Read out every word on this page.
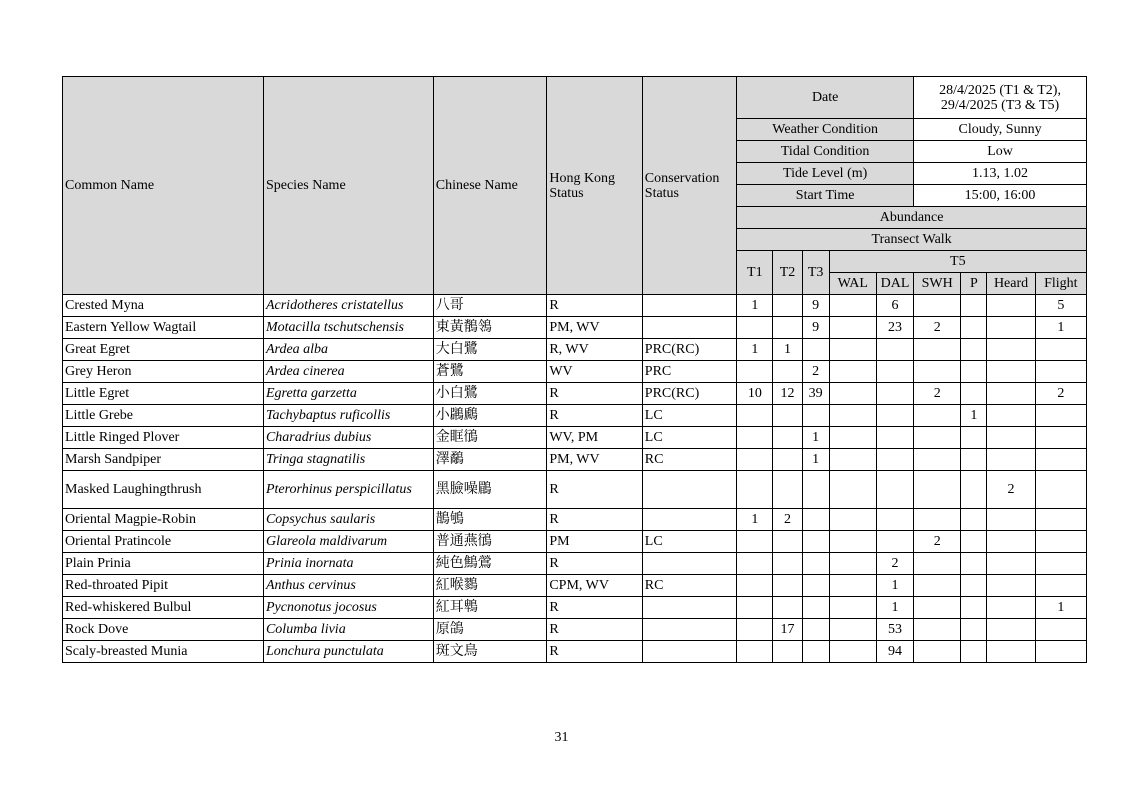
Common Name	Species Name	Chinese Name	Hong Kong Status	Conservation Status	Date					28/4/2025 (T1 & T2), 29/4/2025 (T3 & T5)			
					Weather Condition					Cloudy, Sunny			
					Tidal Condition					Low			
					Tide Level (m)					1.13, 1.02			
					Start Time					15:00, 16:00			
					Abundance								
					Transect Walk								
					T1	T2	T3	T5					
								WAL	DAL	SWH	P	Heard	Flight

Crested Myna	Acridotheres cristatellus	八哥	R		1		9		6				5
Eastern Yellow Wagtail	Motacilla tschutschensis	東黃鶺鴒	PM, WV				9		23	2			1
Great Egret	Ardea alba	大白鷺	R, WV	PRC(RC)	1	1							
Grey Heron	Ardea cinerea	蒼鷺	WV	PRC			2						
Little Egret	Egretta garzetta	小白鷺	R	PRC(RC)	10	12	39			2			2
Little Grebe	Tachybaptus ruficollis	小鸊鷉	R	LC							1		
Little Ringed Plover	Charadrius dubius	金眶鴴	WV, PM	LC			1						
Marsh Sandpiper	Tringa stagnatilis	澤鷸	PM, WV	RC			1						
Masked Laughingthrush	Pterorhinus perspicillatus	黑臉噪鶥	R									2	
Oriental Magpie-Robin	Copsychus saularis	鵲鴝	R		1	2							
Oriental Pratincole	Glareola maldivarum	普通燕鴴	PM	LC						2			
Plain Prinia	Prinia inornata	純色鷦鶯	R						2				
Red-throated Pipit	Anthus cervinus	紅喉鷚	CPM, WV	RC					1				
Red-whiskered Bulbul	Pycnonotus jocosus	紅耳鵯	R						1				1
Rock Dove	Columba livia	原鴿	R			17			53				
Scaly-breasted Munia	Lonchura punctulata	斑文鳥	R						94				
31
